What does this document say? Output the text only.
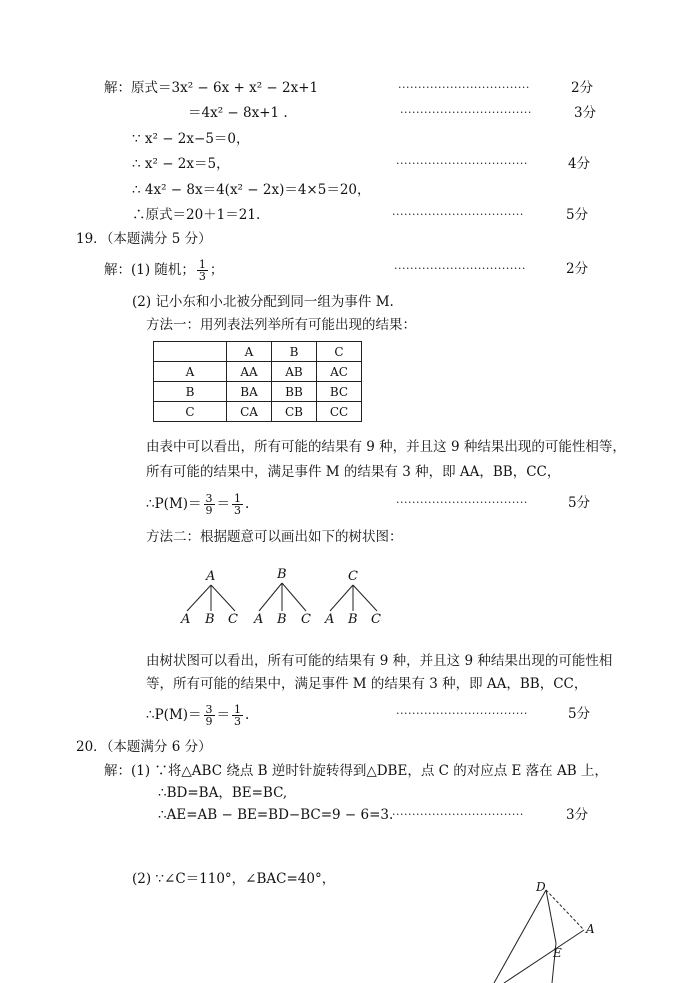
解：原式＝3x² − 6x + x² − 2x+1	·································	2分
＝4x² − 8x+1 .	·································	3分
∵ x² − 2x−5＝0，
∴ x² − 2x＝5，	·································	4分
∴ 4x² − 8x＝4(x² − 2x)＝4×5＝20，
∴原式＝20＋1＝21.	·································	5分
19．（本题满分 5 分）
解：(1) 随机； $\frac{1}{3}$ ；	·································	2分
(2) 记小东和小北被分配到同一组为事件 M.
方法一：用列表法列举所有可能出现的结果：
	A	B	C
A	AA	AB	AC
B	BA	BB	BC
C	CA	CB	CC
由表中可以看出，所有可能的结果有 9 种，并且这 9 种结果出现的可能性相等，
所有可能的结果中，满足事件 M 的结果有 3 种，即 AA，BB，CC，
∴P(M)＝ $\frac{3}{9} = \frac{1}{3}$ .	·································	5分
方法二：根据题意可以画出如下的树状图：
A	B	C
A B C A B C A B C
由树状图可以看出，所有可能的结果有 9 种，并且这 9 种结果出现的可能性相
等，所有可能的结果中，满足事件 M 的结果有 3 种，即 AA，BB，CC，
∴P(M)＝ $\frac{3}{9} = \frac{1}{3}$ .	·································	5分
20．（本题满分 6 分）
解：(1) ∵将△ABC 绕点 B 逆时针旋转得到△DBE，点 C 的对应点 E 落在 AB 上，
∴BD=BA，BE=BC,
∴AE=AB − BE=BD−BC=9 − 6=3.
·································	3分
(2) ∵∠C＝110°，∠BAC=40°，	D
A
E
